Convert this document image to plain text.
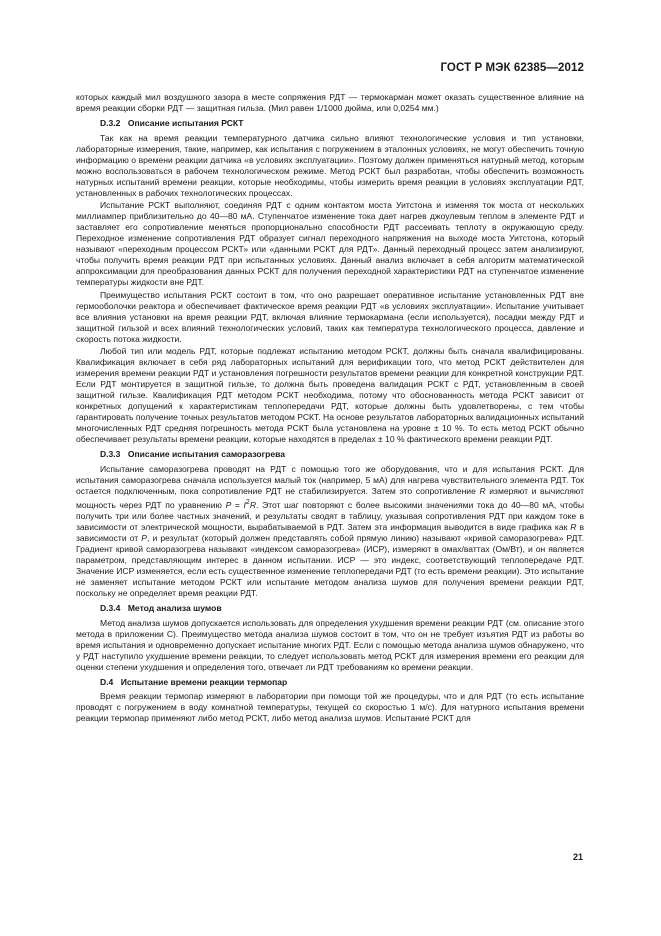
ГОСТ Р МЭК 62385—2012

которых каждый мил воздушного зазора в месте сопряжения РДТ — термокарман может оказать существенное влияние на время реакции сборки РДТ — защитная гильза. (Мил равен 1/1000 дюйма, или 0,0254 мм.)

D.3.2 Описание испытания РСКТ

Так как на время реакции температурного датчика сильно влияют технологические условия и тип установки, лабораторные измерения, такие, например, как испытания с погружением в эталонных условиях, не могут обеспечить точную информацию о времени реакции датчика «в условиях эксплуатации». Поэтому должен применяться натурный метод, которым можно воспользоваться в рабочем технологическом режиме. Метод РСКТ был разработан, чтобы обеспечить возможность натурных испытаний времени реакции, которые необходимы, чтобы измерить время реакции в условиях эксплуатации РДТ, установленных в рабочих технологических процессах.

Испытание РСКТ выполняют, соединяя РДТ с одним контактом моста Уитстона и изменяя ток моста от нескольких миллиампер приблизительно до 40—80 мА. Ступенчатое изменение тока дает нагрев джоулевым теплом в элементе РДТ и заставляет его сопротивление меняться пропорционально способности РДТ рассеивать теплоту в окружающую среду. Переходное изменение сопротивления РДТ образует сигнал переходного напряжения на выходе моста Уитстона, который называют «переходным процессом РСКТ» или «данными РСКТ для РДТ». Данный переходный процесс затем анализируют, чтобы получить время реакции РДТ при испытанных условиях. Данный анализ включает в себя алгоритм математической аппроксимации для преобразования данных РСКТ для получения переходной характеристики РДТ на ступенчатое изменение температуры жидкости вне РДТ.

Преимущество испытания РСКТ состоит в том, что оно разрешает оперативное испытание установленных РДТ вне гермооболочки реактора и обеспечивает фактическое время реакции РДТ «в условиях эксплуатации». Испытание учитывает все влияния установки на время реакции РДТ, включая влияние термокармана (если используется), посадки между РДТ и защитной гильзой и всех влияний технологических условий, таких как температура технологического процесса, давление и скорость потока жидкости.

Любой тип или модель РДТ, которые подлежат испытанию методом РСКТ, должны быть сначала квалифицированы. Квалификация включает в себя ряд лабораторных испытаний для верификации того, что метод РСКТ действителен для измерения времени реакции РДТ и установления погрешности результатов времени реакции для конкретной конструкции РДТ. Если РДТ монтируется в защитной гильзе, то должна быть проведена валидация РСКТ с РДТ, установленным в своей защитной гильзе. Квалификация РДТ методом РСКТ необходима, потому что обоснованность метода РСКТ зависит от конкретных допущений к характеристикам теплопередачи РДТ, которые должны быть удовлетворены, с тем чтобы гарантировать получение точных результатов методом РСКТ. На основе результатов лабораторных валидационных испытаний многочисленных РДТ средняя погрешность метода РСКТ была установлена на уровне ± 10 %. То есть метод РСКТ обычно обеспечивает результаты времени реакции, которые находятся в пределах ± 10 % фактического времени реакции РДТ.

D.3.3 Описание испытания саморазогрева

Испытание саморазогрева проводят на РДТ с помощью того же оборудования, что и для испытания РСКТ. Для испытания саморазогрева сначала используется малый ток (например, 5 мА) для нагрева чувствительного элемента РДТ. Ток остается подключенным, пока сопротивление РДТ не стабилизируется. Затем это сопротивление R измеряют и вычисляют мощность через РДТ по уравнению $P = I^2R$. Этот шаг повторяют с более высокими значениями тока до 40—80 мА, чтобы получить три или более частных значений, и результаты сводят в таблицу, указывая сопротивления РДТ при каждом токе в зависимости от электрической мощности, вырабатываемой в РДТ. Затем эта информация выводится в виде графика как R в зависимости от P, и результат (который должен представлять собой прямую линию) называют «кривой саморазогрева» РДТ. Градиент кривой саморазогрева называют «индексом саморазогрева» (ИСР), измеряют в омах/ваттах (Ом/Вт), и он является параметром, представляющим интерес в данном испытании. ИСР — это индекс, соответствующий теплопередаче РДТ. Значение ИСР изменяется, если есть существенное изменение теплопередачи РДТ (то есть времени реакции). Это испытание не заменяет испытание методом РСКТ или испытание методом анализа шумов для получения времени реакции РДТ, поскольку не определяет время реакции РДТ.

D.3.4 Метод анализа шумов

Метод анализа шумов допускается использовать для определения ухудшения времени реакции РДТ (см. описание этого метода в приложении С). Преимущество метода анализа шумов состоит в том, что он не требует изъятия РДТ из работы во время испытания и одновременно допускает испытание многих РДТ. Если с помощью метода анализа шумов обнаружено, что у РДТ наступило ухудшение времени реакции, то следует использовать метод РСКТ для измерения времени его реакции для оценки степени ухудшения и определения того, отвечает ли РДТ требованиям ко времени реакции.

D.4 Испытание времени реакции термопар

Время реакции термопар измеряют в лаборатории при помощи той же процедуры, что и для РДТ (то есть испытание проводят с погружением в воду комнатной температуры, текущей со скоростью 1 м/с). Для натурного испытания времени реакции термопар применяют либо метод РСКТ, либо метод анализа шумов. Испытание РСКТ для

21
